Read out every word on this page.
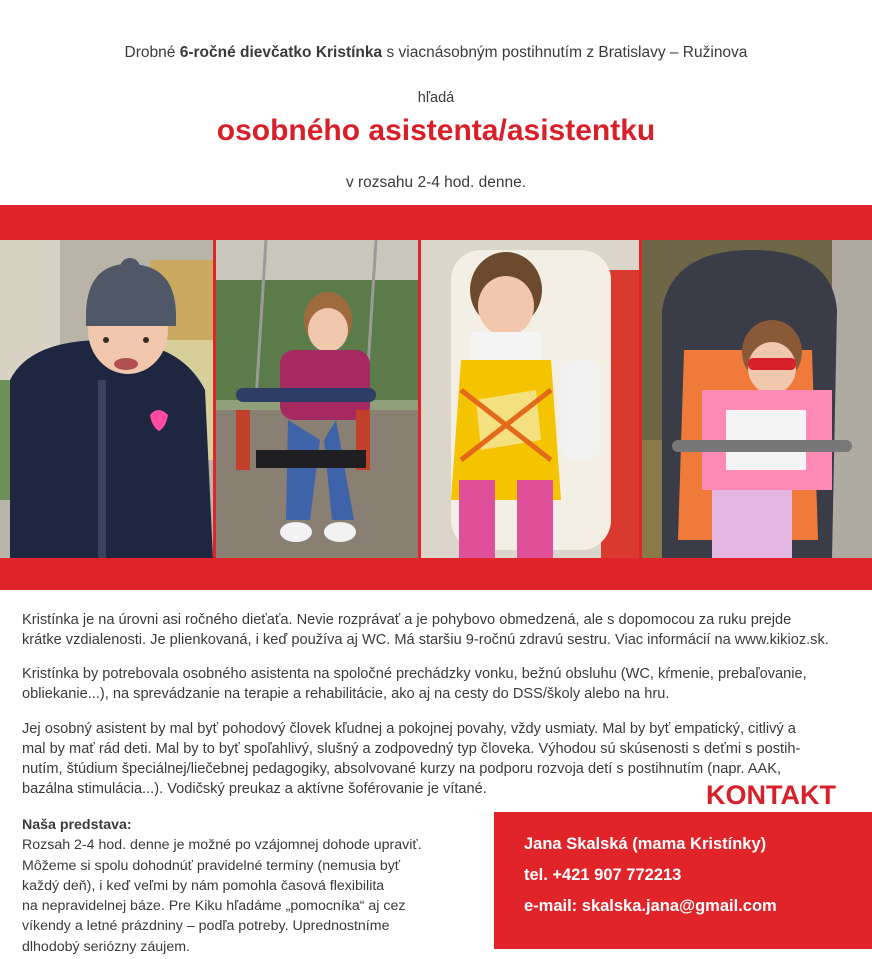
Drobné 6-ročné dievčatko Kristínka s viacnásobným postihnutím z Bratislavy – Ružinova
hľadá
osobného asistenta/asistentku
v rozsahu 2-4 hod. denne.
Kristínka je na úrovni asi ročného dieťaťa. Nevie rozprávať a je pohybovo obmedzená, ale s dopomocou za ruku prejde
krátke vzdialenosti. Je plienkovaná, i keď používa aj WC. Má staršiu 9-ročnú zdravú sestru. Viac informácií na www.kikioz.sk.
Kristínka by potrebovala osobného asistenta na spoločné prechádzky vonku, bežnú obsluhu (WC, kŕmenie, prebaľovanie,
obliekanie...), na sprevádzanie na terapie a rehabilitácie, ako aj na cesty do DSS/školy alebo na hru.
Jej osobný asistent by mal byť pohodový človek kľudnej a pokojnej povahy, vždy usmiaty. Mal by byť empatický, citlivý a
mal by mať rád deti. Mal by to byť spoľahlivý, slušný a zodpovedný typ človeka. Výhodou sú skúsenosti s deťmi s postih-
nutím, štúdium špeciálnej/liečebnej pedagogiky, absolvované kurzy na podporu rozvoja detí s postihnutím (napr. AAK,
bazálna stimulácia...). Vodičský preukaz a aktívne šoférovanie je vítané.
Naša predstava:
Rozsah 2-4 hod. denne je možné po vzájomnej dohode upraviť.
Môžeme si spolu dohodnúť pravidelné termíny (nemusia byť
každý deň), i keď veľmi by nám pomohla časová flexibilita
na nepravidelnej báze. Pre Kiku hľadáme „pomocníka“ aj cez
víkendy a letné prázdniny – podľa potreby. Uprednostníme
dlhodobý seriózny záujem.
KONTAKT
Jana Skalská (mama Kristínky)
tel. +421 907 772213
e-mail: skalska.jana@gmail.com
